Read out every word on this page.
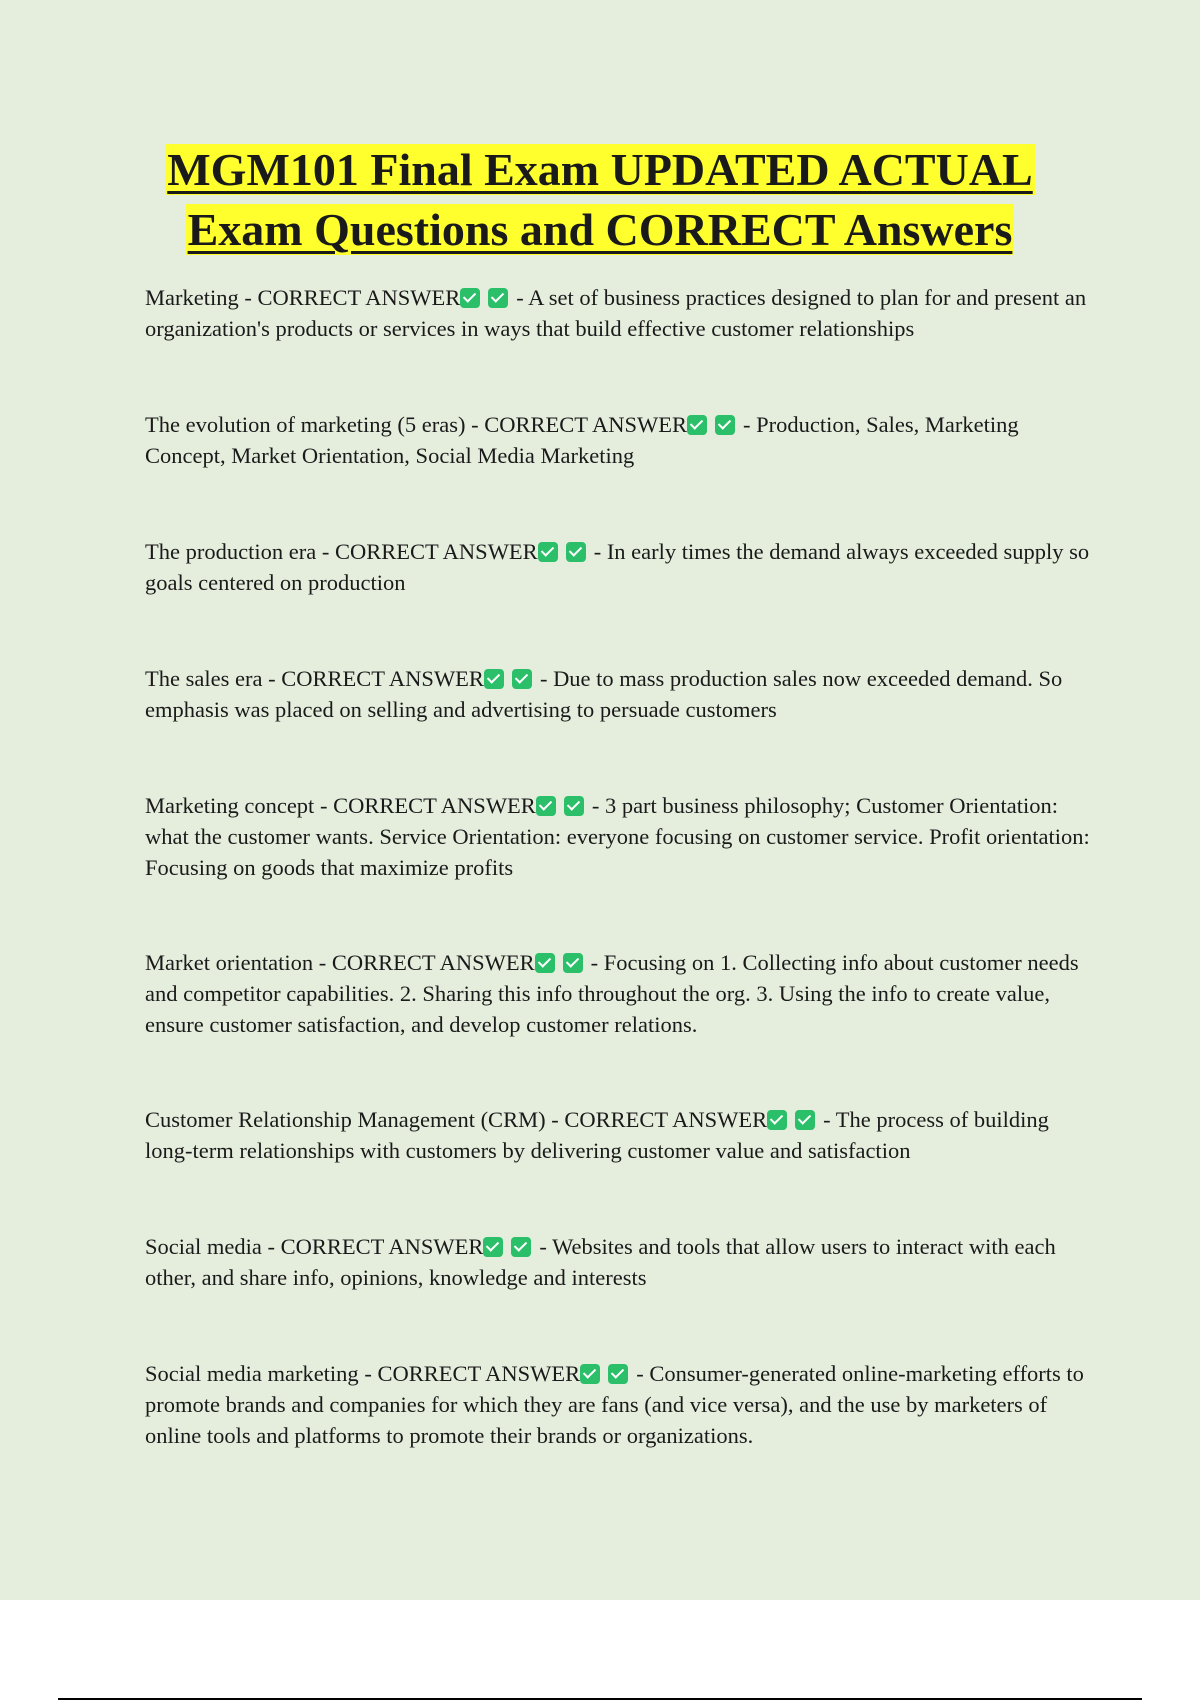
MGM101 Final Exam UPDATED ACTUAL
Exam Questions and CORRECT Answers
Marketing - CORRECT ANSWER - A set of business practices designed to plan for and present an organization's products or services in ways that build effective customer relationships
The evolution of marketing (5 eras) - CORRECT ANSWER - Production, Sales, Marketing Concept, Market Orientation, Social Media Marketing
The production era - CORRECT ANSWER - In early times the demand always exceeded supply so goals centered on production
The sales era - CORRECT ANSWER - Due to mass production sales now exceeded demand. So emphasis was placed on selling and advertising to persuade customers
Marketing concept - CORRECT ANSWER - 3 part business philosophy; Customer Orientation: what the customer wants. Service Orientation: everyone focusing on customer service. Profit orientation: Focusing on goods that maximize profits
Market orientation - CORRECT ANSWER - Focusing on 1. Collecting info about customer needs and competitor capabilities. 2. Sharing this info throughout the org. 3. Using the info to create value, ensure customer satisfaction, and develop customer relations.
Customer Relationship Management (CRM) - CORRECT ANSWER - The process of building long-term relationships with customers by delivering customer value and satisfaction
Social media - CORRECT ANSWER - Websites and tools that allow users to interact with each other, and share info, opinions, knowledge and interests
Social media marketing - CORRECT ANSWER - Consumer-generated online-marketing efforts to promote brands and companies for which they are fans (and vice versa), and the use by marketers of online tools and platforms to promote their brands or organizations.
